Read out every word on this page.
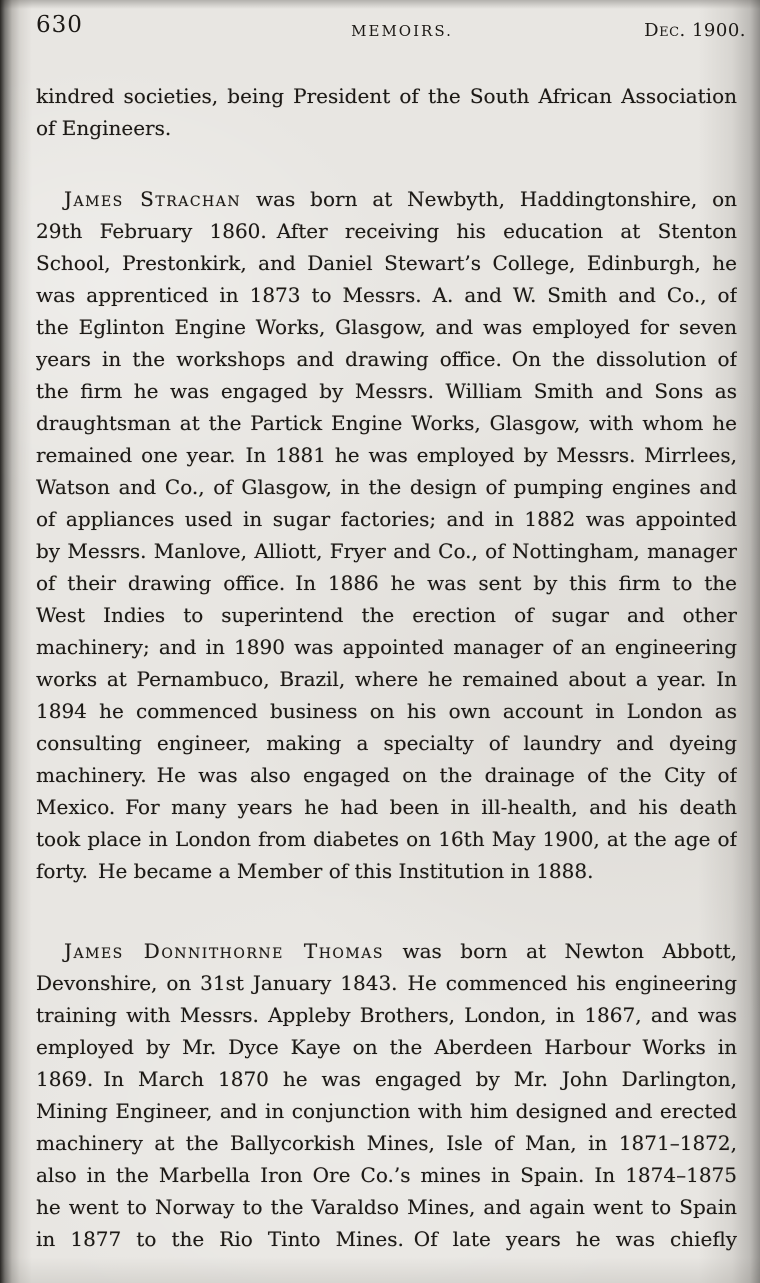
630	MEMOIRS.	Dec. 1900.
kindred societies, being President of the South African Association
of Engineers.
James Strachan was born at Newbyth, Haddingtonshire, on
29th February 1860. After receiving his education at Stenton
School, Prestonkirk, and Daniel Stewart’s College, Edinburgh, he
was apprenticed in 1873 to Messrs. A. and W. Smith and Co., of
the Eglinton Engine Works, Glasgow, and was employed for seven
years in the workshops and drawing office. On the dissolution of
the firm he was engaged by Messrs. William Smith and Sons as
draughtsman at the Partick Engine Works, Glasgow, with whom he
remained one year. In 1881 he was employed by Messrs. Mirrlees,
Watson and Co., of Glasgow, in the design of pumping engines and
of appliances used in sugar factories; and in 1882 was appointed
by Messrs. Manlove, Alliott, Fryer and Co., of Nottingham, manager
of their drawing office. In 1886 he was sent by this firm to the
West Indies to superintend the erection of sugar and other
machinery; and in 1890 was appointed manager of an engineering
works at Pernambuco, Brazil, where he remained about a year. In
1894 he commenced business on his own account in London as
consulting engineer, making a specialty of laundry and dyeing
machinery. He was also engaged on the drainage of the City of
Mexico. For many years he had been in ill-health, and his death
took place in London from diabetes on 16th May 1900, at the age of
forty. He became a Member of this Institution in 1888.
James Donnithorne Thomas was born at Newton Abbott,
Devonshire, on 31st January 1843. He commenced his engineering
training with Messrs. Appleby Brothers, London, in 1867, and was
employed by Mr. Dyce Kaye on the Aberdeen Harbour Works in
1869. In March 1870 he was engaged by Mr. John Darlington,
Mining Engineer, and in conjunction with him designed and erected
machinery at the Ballycorkish Mines, Isle of Man, in 1871–1872,
also in the Marbella Iron Ore Co.’s mines in Spain. In 1874–1875
he went to Norway to the Varaldso Mines, and again went to Spain
in 1877 to the Rio Tinto Mines. Of late years he was chiefly
